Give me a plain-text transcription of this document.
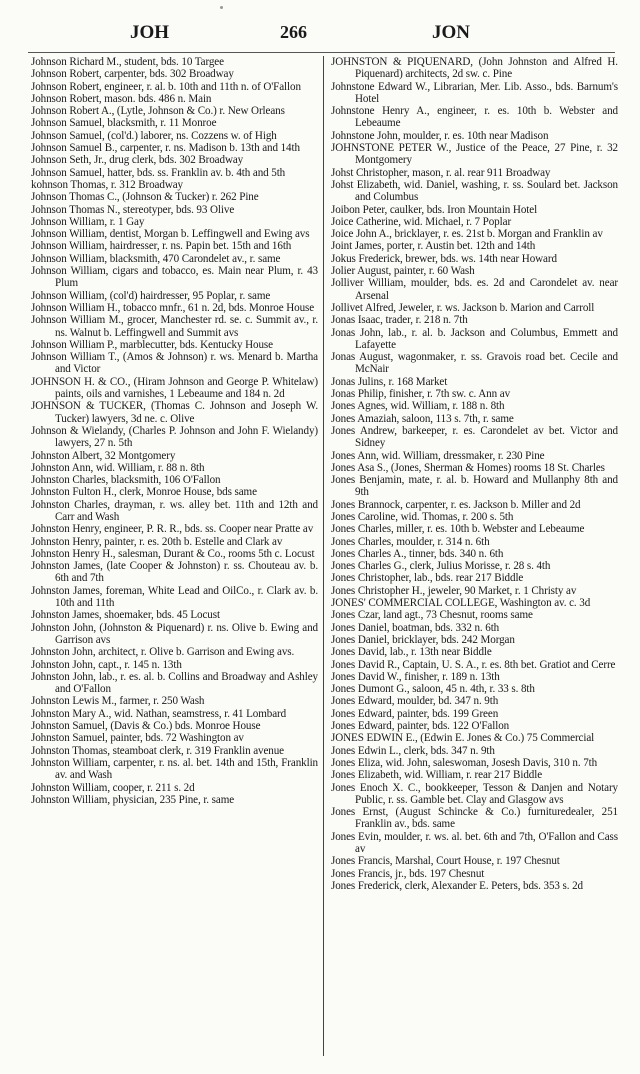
JOH	266	JON

Johnson Richard M., student, bds. 10 Targee

Johnson Robert, carpenter, bds. 302 Broadway

Johnson Robert, engineer, r. al. b. 10th and 11th n. of O'Fallon

Johnson Robert, mason. bds. 486 n. Main

Johnson Robert A., (Lytle, Johnson & Co.) r. New Orleans

Johnson Samuel, blacksmith, r. 11 Monroe

Johnson Samuel, (col'd.) laborer, ns. Cozzens w. of High

Johnson Samuel B., carpenter, r. ns. Madison b. 13th and 14th

Johnson Seth, Jr., drug clerk, bds. 302 Broadway

Johnson Samuel, hatter, bds. ss. Franklin av. b. 4th and 5th

kohnson Thomas, r. 312 Broadway

Johnson Thomas C., (Johnson & Tucker) r. 262 Pine

Johnson Thomas N., stereotyper, bds. 93 Olive

Johnson William, r. 1 Gay

Johnson William, dentist, Morgan b. Leffingwell and Ewing avs

Johnson William, hairdresser, r. ns. Papin bet. 15th and 16th

Johnson William, blacksmith, 470 Carondelet av., r. same

Johnson William, cigars and tobacco, es. Main near Plum, r. 43 Plum

Johnson William, (col'd) hairdresser, 95 Poplar, r. same

Johnson William H., tobacco mnfr., 61 n. 2d, bds. Monroe House

Johnson William M., grocer, Manchester rd. se. c. Summit av., r. ns. Walnut b. Leffingwell and Summit avs

Johnson William P., marblecutter, bds. Kentucky House

Johnson William T., (Amos & Johnson) r. ws. Menard b. Martha and Victor

JOHNSON H. & CO., (Hiram Johnson and George P. Whitelaw) paints, oils and varnishes, 1 Lebeaume and 184 n. 2d

JOHNSON & TUCKER, (Thomas C. Johnson and Joseph W. Tucker) lawyers, 3d ne. c. Olive

Johnson & Wielandy, (Charles P. Johnson and John F. Wielandy) lawyers, 27 n. 5th

Johnston Albert, 32 Montgomery

Johnston Ann, wid. William, r. 88 n. 8th

Johnston Charles, blacksmith, 106 O'Fallon

Johnston Fulton H., clerk, Monroe House, bds same

Johnston Charles, drayman, r. ws. alley bet. 11th and 12th and Carr and Wash

Johnston Henry, engineer, P. R. R., bds. ss. Cooper near Pratte av

Johnston Henry, painter, r. es. 20th b. Estelle and Clark av

Johnston Henry H., salesman, Durant & Co., rooms 5th c. Locust

Johnston James, (late Cooper & Johnston) r. ss. Chouteau av. b. 6th and 7th

Johnston James, foreman, White Lead and OilCo., r. Clark av. b. 10th and 11th

Johnston James, shoemaker, bds. 45 Locust

Johnston John, (Johnston & Piquenard) r. ns. Olive b. Ewing and Garrison avs

Johnston John, architect, r. Olive b. Garrison and Ewing avs.

Johnston John, capt., r. 145 n. 13th

Johnston John, lab., r. es. al. b. Collins and Broadway and Ashley and O'Fallon

Johnston Lewis M., farmer, r. 250 Wash

Johnston Mary A., wid. Nathan, seamstress, r. 41 Lombard

Johnston Samuel, (Davis & Co.) bds. Monroe House

Johnston Samuel, painter, bds. 72 Washington av

Johnston Thomas, steamboat clerk, r. 319 Franklin avenue

Johnston William, carpenter, r. ns. al. bet. 14th and 15th, Franklin av. and Wash

Johnston William, cooper, r. 211 s. 2d

Johnston William, physician, 235 Pine, r. same

JOHNSTON & PIQUENARD, (John Johnston and Alfred H. Piquenard) architects, 2d sw. c. Pine

Johnstone Edward W., Librarian, Mer. Lib. Asso., bds. Barnum's Hotel

Johnstone Henry A., engineer, r. es. 10th b. Webster and Lebeaume

Johnstone John, moulder, r. es. 10th near Madison

JOHNSTONE PETER W., Justice of the Peace, 27 Pine, r. 32 Montgomery

Johst Christopher, mason, r. al. rear 911 Broadway

Johst Elizabeth, wid. Daniel, washing, r. ss. Soulard bet. Jackson and Columbus

Joibon Peter, caulker, bds. Iron Mountain Hotel

Joice Catherine, wid. Michael, r. 7 Poplar

Joice John A., bricklayer, r. es. 21st b. Morgan and Franklin av

Joint James, porter, r. Austin bet. 12th and 14th

Jokus Frederick, brewer, bds. ws. 14th near Howard

Jolier August, painter, r. 60 Wash

Jolliver William, moulder, bds. es. 2d and Carondelet av. near Arsenal

Jollivet Alfred, Jeweler, r. ws. Jackson b. Marion and Carroll

Jonas Isaac, trader, r. 218 n. 7th

Jonas John, lab., r. al. b. Jackson and Columbus, Emmett and Lafayette

Jonas August, wagonmaker, r. ss. Gravois road bet. Cecile and McNair

Jonas Julins, r. 168 Market

Jonas Philip, finisher, r. 7th sw. c. Ann av

Jones Agnes, wid. William, r. 188 n. 8th

Jones Amaziah, saloon, 113 s. 7th, r. same

Jones Andrew, barkeeper, r. es. Carondelet av bet. Victor and Sidney

Jones Ann, wid. William, dressmaker, r. 230 Pine

Jones Asa S., (Jones, Sherman & Homes) rooms 18 St. Charles

Jones Benjamin, mate, r. al. b. Howard and Mullanphy 8th and 9th

Jones Brannock, carpenter, r. es. Jackson b. Miller and 2d

Jones Caroline, wid. Thomas, r. 200 s. 5th

Jones Charles, miller, r. es. 10th b. Webster and Lebeaume

Jones Charles, moulder, r. 314 n. 6th

Jones Charles A., tinner, bds. 340 n. 6th

Jones Charles G., clerk, Julius Morisse, r. 28 s. 4th

Jones Christopher, lab., bds. rear 217 Biddle

Jones Christopher H., jeweler, 90 Market, r. 1 Christy av

JONES' COMMERCIAL COLLEGE, Washington av. c. 3d

Jones Czar, land agt., 73 Chesnut, rooms same

Jones Daniel, boatman, bds. 332 n. 6th

Jones Daniel, bricklayer, bds. 242 Morgan

Jones David, lab., r. 13th near Biddle

Jones David R., Captain, U. S. A., r. es. 8th bet. Gratiot and Cerre

Jones David W., finisher, r. 189 n. 13th

Jones Dumont G., saloon, 45 n. 4th, r. 33 s. 8th

Jones Edward, moulder, bd. 347 n. 9th

Jones Edward, painter, bds. 199 Green

Jones Edward, painter, bds. 122 O'Fallon

JONES EDWIN E., (Edwin E. Jones & Co.) 75 Commercial

Jones Edwin L., clerk, bds. 347 n. 9th

Jones Eliza, wid. John, saleswoman, Josesh Davis, 310 n. 7th

Jones Elizabeth, wid. William, r. rear 217 Biddle

Jones Enoch X. C., bookkeeper, Tesson & Danjen and Notary Public, r. ss. Gamble bet. Clay and Glasgow avs

Jones Ernst, (August Schincke & Co.) furnituredealer, 251 Franklin av., bds. same

Jones Evin, moulder, r. ws. al. bet. 6th and 7th, O'Fallon and Cass av

Jones Francis, Marshal, Court House, r. 197 Chesnut

Jones Francis, jr., bds. 197 Chesnut

Jones Frederick, clerk, Alexander E. Peters, bds. 353 s. 2d
